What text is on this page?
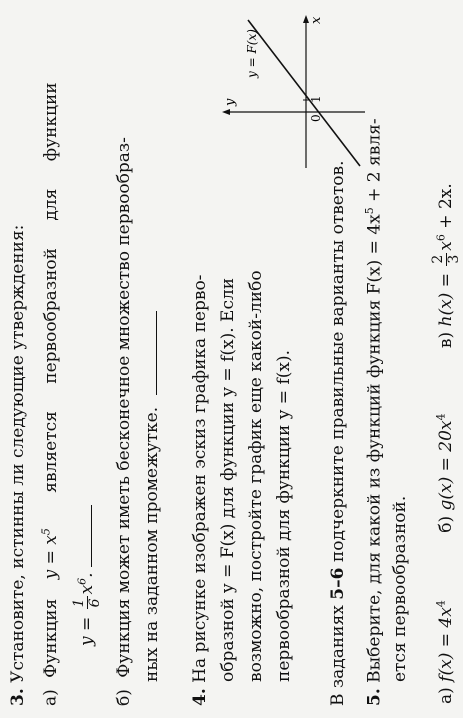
3. Установите, истинны ли следующие утверждения:
а) Функция $y = x^5$ является первообразной для функции
y =
1 6
$x^6$.
б) Функция может иметь бесконечное множество первообраз- ных на заданном промежутке.
4. На рисунке изображен эскиз графика перво- образной y = F(x) для функции y = f(x). Если возможно, постройте график еще какой-либо первообразной для функции y = f(x).
x
y
0
1
y = F(x)
В заданиях 5–6 подчеркните правильные варианты ответов.
5. Выберите, для какой из функций функция $F(x) = 4x^5 + 2$ явля-
ется первообразной.
а) $f(x) = 4x^4$ б) $g(x) = 20x^4$ в) h(x) =
2 3
$x^6 + 2x$.
